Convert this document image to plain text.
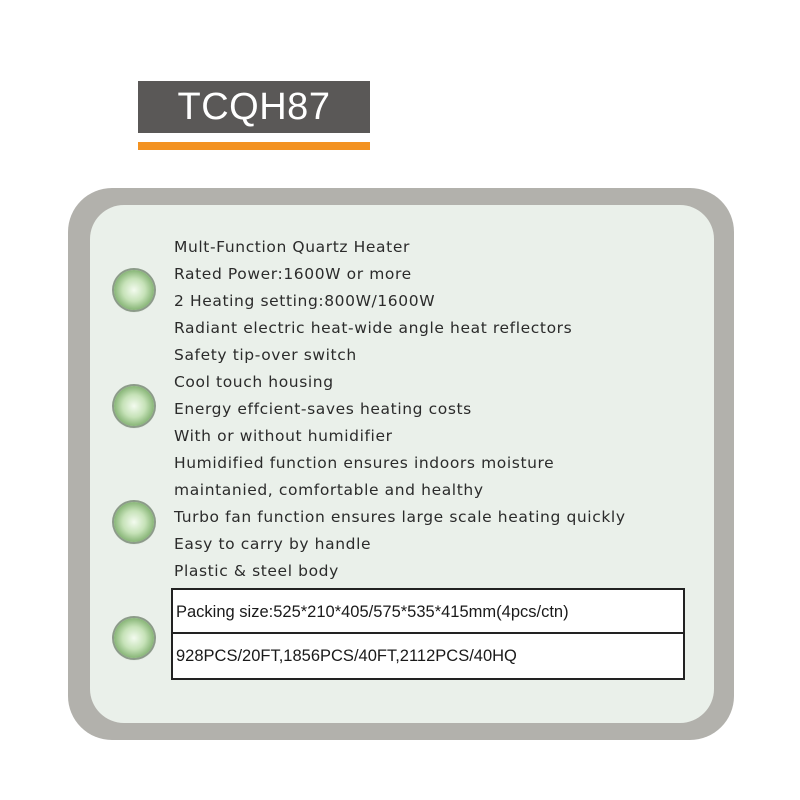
TCQH87
Mult-Function Quartz Heater
Rated Power:1600W or more
2 Heating setting:800W/1600W
Radiant electric heat-wide angle heat reflectors
Safety tip-over switch
Cool touch housing
Energy effcient-saves heating costs
With or without humidifier
Humidified function ensures indoors moisture
maintanied, comfortable and healthy
Turbo fan function ensures large scale heating quickly
Easy to carry by handle
Plastic & steel body
Packing size:525*210*405/575*535*415mm(4pcs/ctn)
928PCS/20FT,1856PCS/40FT,2112PCS/40HQ
